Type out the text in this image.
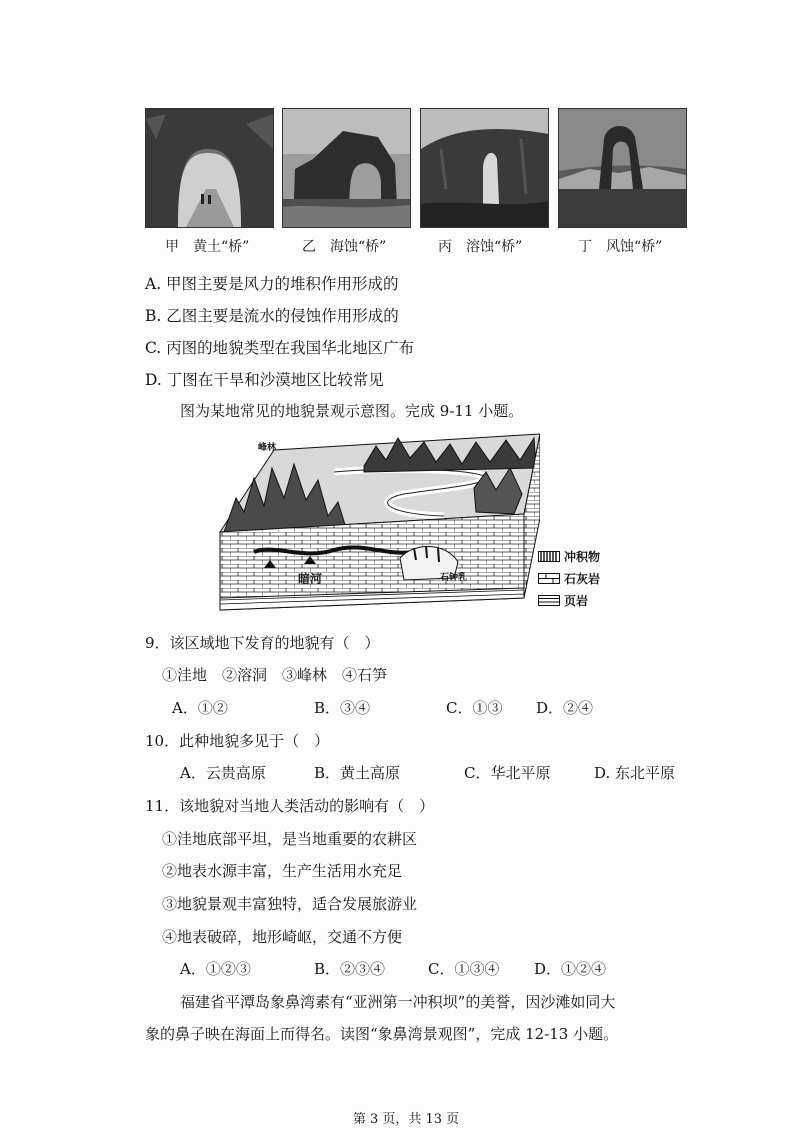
甲　黄土“桥”	乙　海蚀“桥”	丙　溶蚀“桥”	丁　风蚀“桥”
A. 甲图主要是风力的堆积作用形成的
B. 乙图主要是流水的侵蚀作用形成的
C. 丙图的地貌类型在我国华北地区广布
D. 丁图在干旱和沙漠地区比较常见
图为某地常见的地貌景观示意图。完成 9-11 小题。
峰林
石钟乳
暗河
冲积物
石灰岩
页岩
9．该区域地下发育的地貌有（　）
①洼地　②溶洞　③峰林　④石笋
A．①②	B．③④	C．①③ D．②④
10．此种地貌多见于（　）
A．云贵高原	B．黄土高原	C．华北平原	D. 东北平原
11．该地貌对当地人类活动的影响有（　）
①洼地底部平坦，是当地重要的农耕区
②地表水源丰富，生产生活用水充足
③地貌景观丰富独特，适合发展旅游业
④地表破碎，地形崎岖，交通不方便
A．①②③	B．②③④	C．①③④ D．①②④
福建省平潭岛象鼻湾素有“亚洲第一冲积坝”的美誉，因沙滩如同大
象的鼻子映在海面上而得名。读图“象鼻湾景观图”，完成 12-13 小题。
第 3 页，共 13 页
